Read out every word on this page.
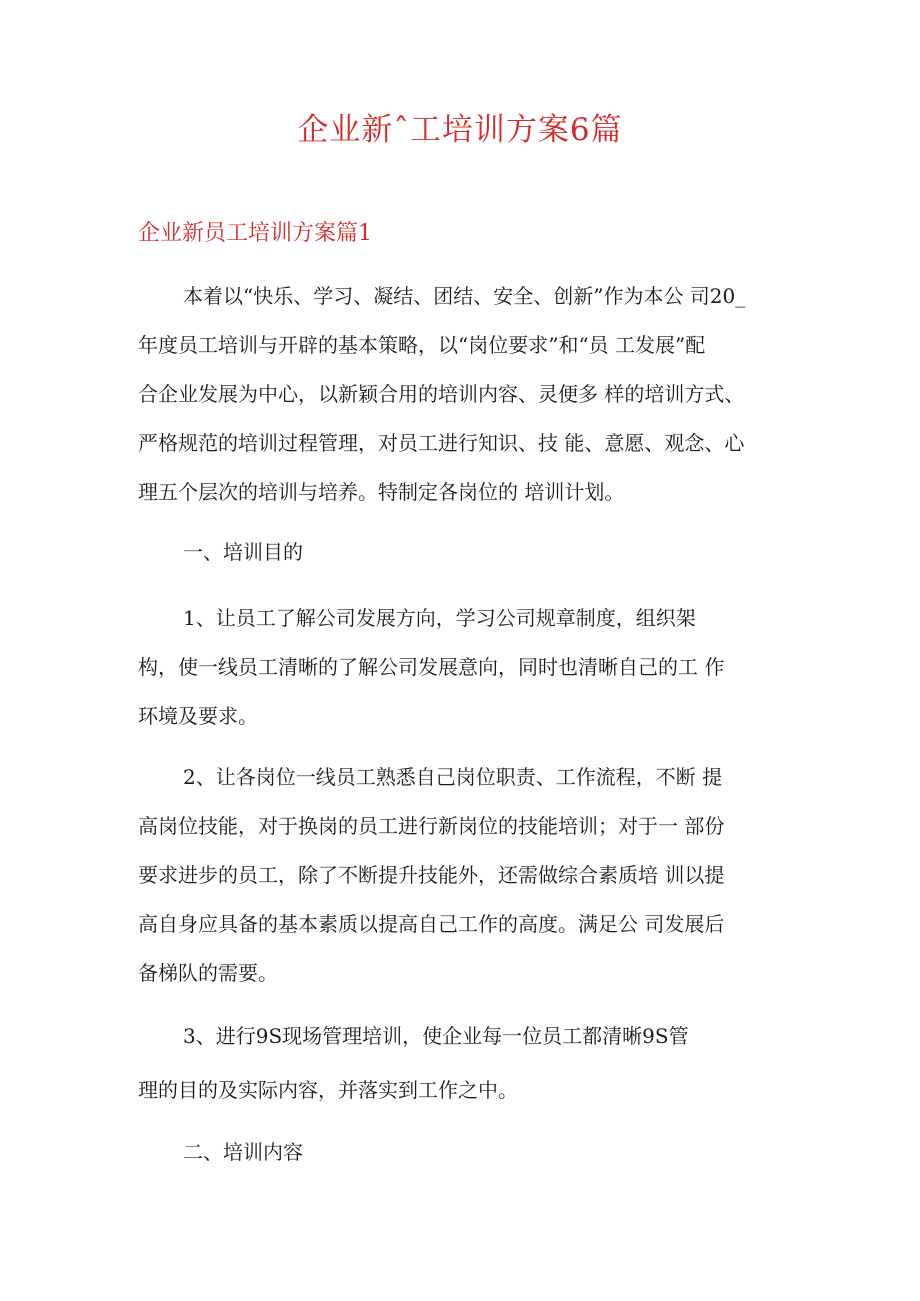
企业新ˆ工培训方案6篇
企业新员工培训方案篇1
本着以“快乐、学习、凝结、团结、安全、创新”作为本公 司20_
年度员工培训与开辟的基本策略，以“岗位要求”和“员 工发展”配
合企业发展为中心，以新颖合用的培训内容、灵便多 样的培训方式、
严格规范的培训过程管理，对员工进行知识、技 能、意愿、观念、心
理五个层次的培训与培养。特制定各岗位的 培训计划。
一、培训目的
1、让员工了解公司发展方向，学习公司规章制度，组织架
构，使一线员工清晰的了解公司发展意向，同时也清晰自己的工 作
环境及要求。
2、让各岗位一线员工熟悉自己岗位职责、工作流程，不断 提
高岗位技能，对于换岗的员工进行新岗位的技能培训；对于一 部份
要求进步的员工，除了不断提升技能外，还需做综合素质培 训以提
高自身应具备的基本素质以提高自己工作的高度。满足公 司发展后
备梯队的需要。
3、进行9S现场管理培训，使企业每一位员工都清晰9S管
理的目的及实际内容，并落实到工作之中。
二、培训内容
